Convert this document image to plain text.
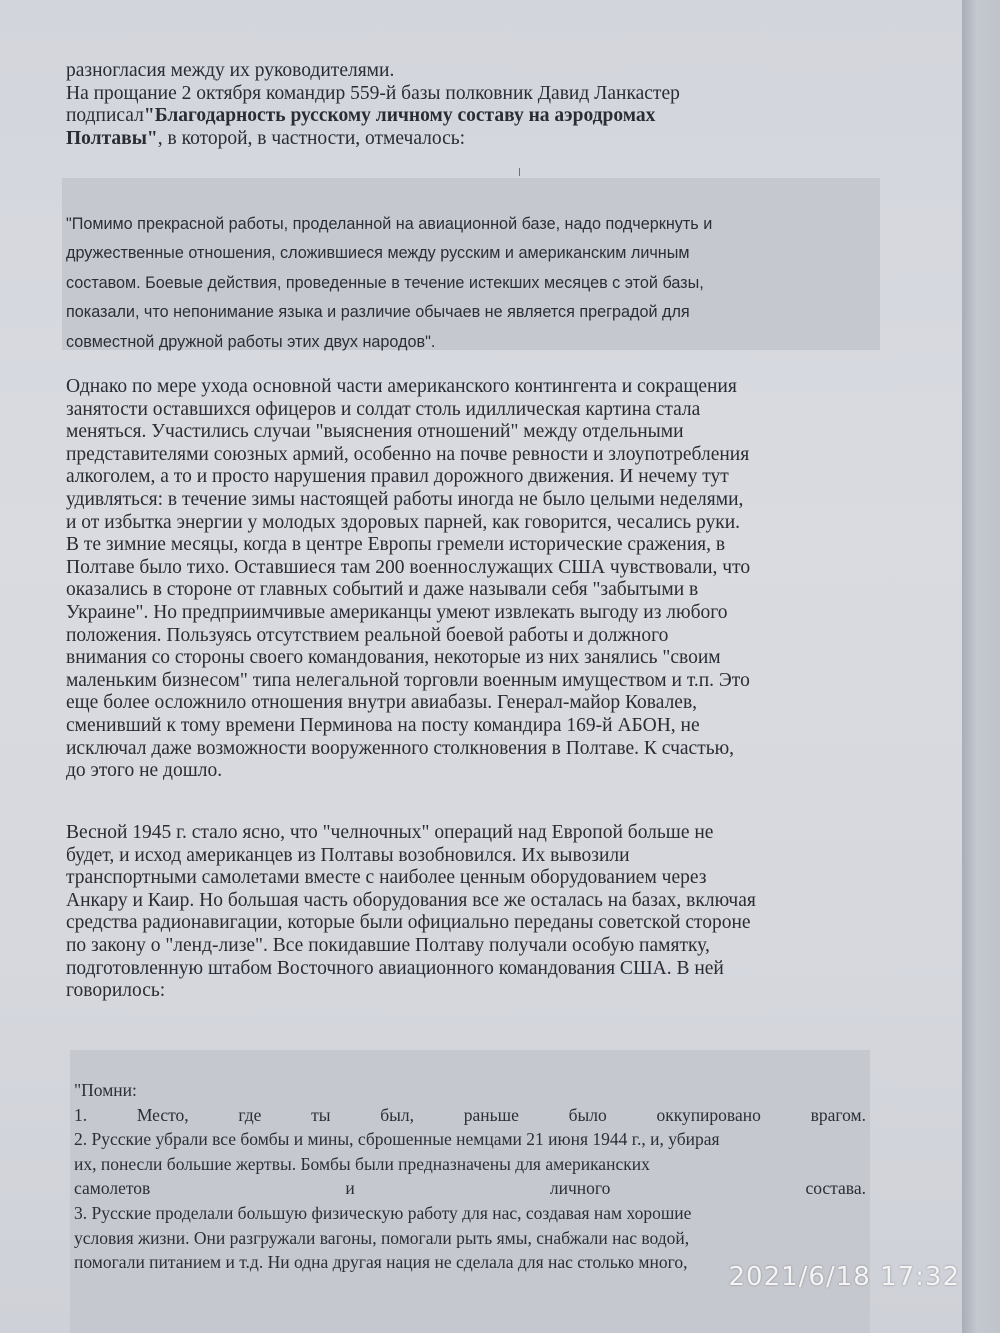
разногласия между их руководителями.
На прощание 2 октября командир 559-й базы полковник Давид Ланкастер
подписал"Благодарность русскому личному составу на аэродромах
Полтавы", в которой, в частности, отмечалось:
"Помимо прекрасной работы, проделанной на авиационной базе, надо подчеркнуть и
дружественные отношения, сложившиеся между русским и американским личным
составом. Боевые действия, проведенные в течение истекших месяцев с этой базы,
показали, что непонимание языка и различие обычаев не является преградой для
совместной дружной работы этих двух народов".
Однако по мере ухода основной части американского контингента и сокращения
занятости оставшихся офицеров и солдат столь идиллическая картина стала
меняться. Участились случаи "выяснения отношений" между отдельными
представителями союзных армий, особенно на почве ревности и злоупотребления
алкоголем, а то и просто нарушения правил дорожного движения. И нечему тут
удивляться: в течение зимы настоящей работы иногда не было целыми неделями,
и от избытка энергии у молодых здоровых парней, как говорится, чесались руки.
В те зимние месяцы, когда в центре Европы гремели исторические сражения, в
Полтаве было тихо. Оставшиеся там 200 военнослужащих США чувствовали, что
оказались в стороне от главных событий и даже называли себя "забытыми в
Украине". Но предприимчивые американцы умеют извлекать выгоду из любого
положения. Пользуясь отсутствием реальной боевой работы и должного
внимания со стороны своего командования, некоторые из них занялись "своим
маленьким бизнесом" типа нелегальной торговли военным имуществом и т.п. Это
еще более осложнило отношения внутри авиабазы. Генерал-майор Ковалев,
сменивший к тому времени Перминова на посту командира 169-й АБОН, не
исключал даже возможности вооруженного столкновения в Полтаве. К счастью,
до этого не дошло.
Весной 1945 г. стало ясно, что "челночных" операций над Европой больше не
будет, и исход американцев из Полтавы возобновился. Их вывозили
транспортными самолетами вместе с наиболее ценным оборудованием через
Анкару и Каир. Но большая часть оборудования все же осталась на базах, включая
средства радионавигации, которые были официально переданы советской стороне
по закону о "ленд-лизе". Все покидавшие Полтаву получали особую памятку,
подготовленную штабом Восточного авиационного командования США. В ней
говорилось:
"Помни:
1.	Место,	где	ты	был,	раньше	было	оккупировано	врагом.
2. Русские убрали все бомбы и мины, сброшенные немцами 21 июня 1944 г., и, убирая
их, понесли большие жертвы. Бомбы были предназначены для американских
самолетов	и	личного	состава.
3. Русские проделали большую физическую работу для нас, создавая нам хорошие
условия жизни. Они разгружали вагоны, помогали рыть ямы, снабжали нас водой,
помогали питанием и т.д. Ни одна другая нация не сделала для нас столько много,	2021/6/18 17:32
